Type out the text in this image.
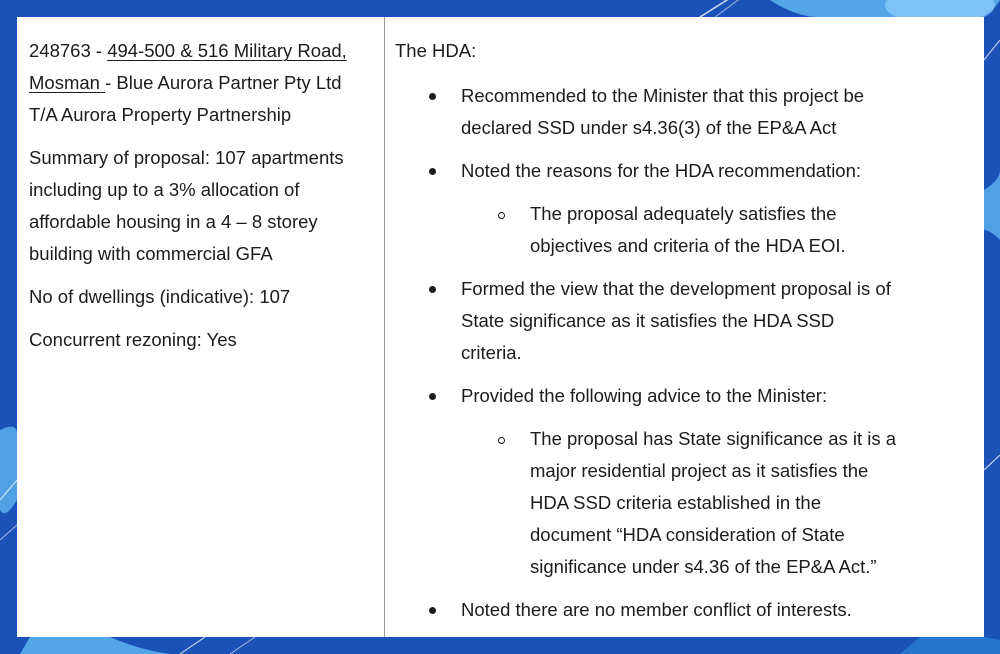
248763 - 494-500 & 516 Military Road,
Mosman - Blue Aurora Partner Pty Ltd
T/A Aurora Property Partnership

Summary of proposal: 107 apartments
including up to a 3% allocation of
affordable housing in a 4 – 8 storey
building with commercial GFA

No of dwellings (indicative): 107

Concurrent rezoning: Yes

The HDA:

Recommended to the Minister that this project be
declared SSD under s4.36(3) of the EP&A Act

Noted the reasons for the HDA recommendation:

The proposal adequately satisfies the
objectives and criteria of the HDA EOI.

Formed the view that the development proposal is of
State significance as it satisfies the HDA SSD
criteria.

Provided the following advice to the Minister:

The proposal has State significance as it is a
major residential project as it satisfies the
HDA SSD criteria established in the
document “HDA consideration of State
significance under s4.36 of the EP&A Act.”

Noted there are no member conflict of interests.
